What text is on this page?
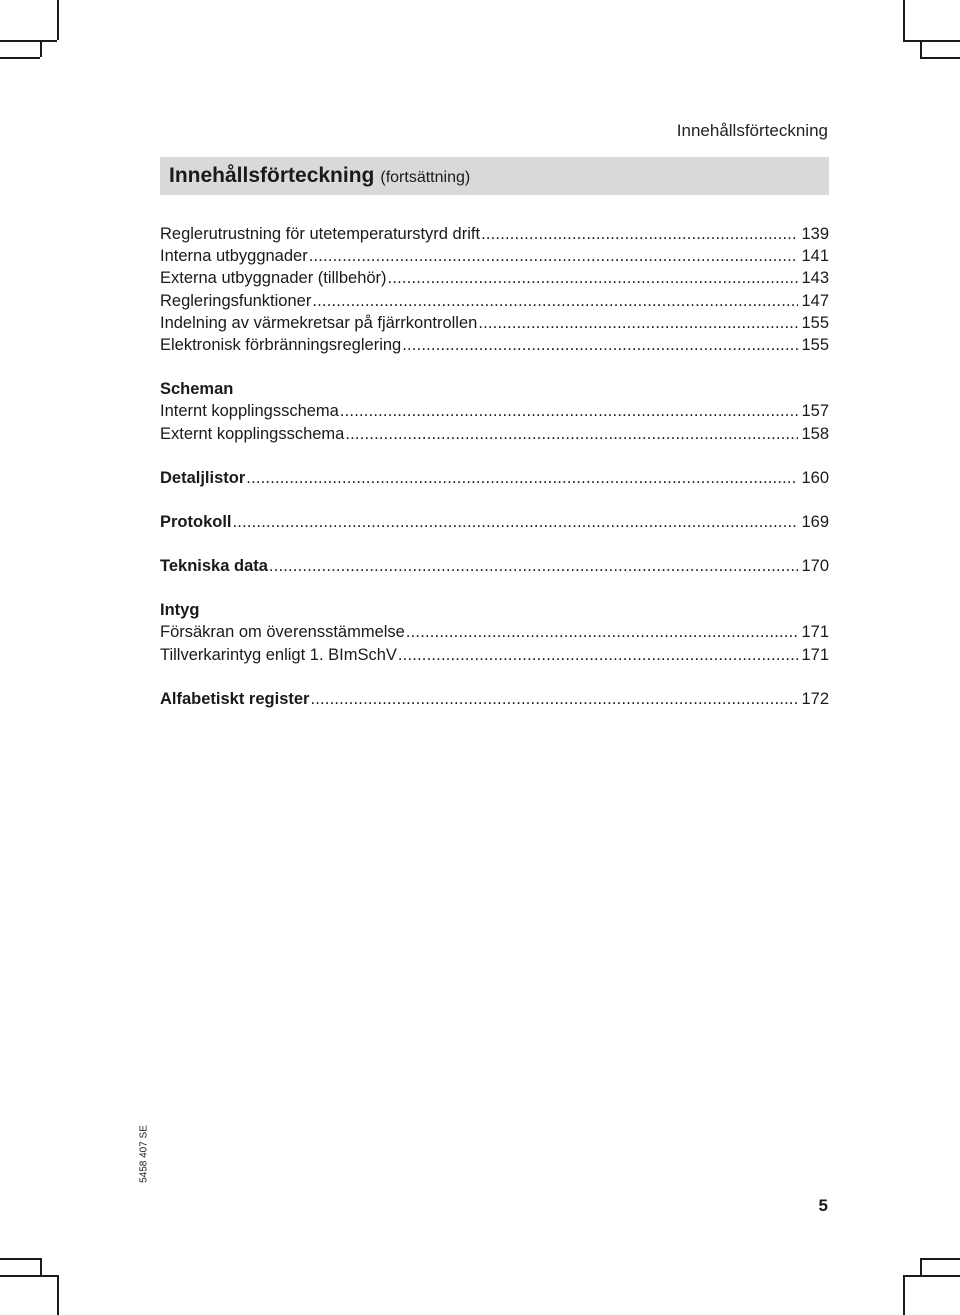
Innehållsförteckning
Innehållsförteckning (fortsättning)
Reglerutrustning för utetemperaturstyrd drift .....	139
Interna utbyggnader .....	141
Externa utbyggnader (tillbehör) .....	143
Regleringsfunktioner .....	147
Indelning av värmekretsar på fjärrkontrollen .....	155
Elektronisk förbränningsreglering .....	155
Scheman
Internt kopplingsschema .....	157
Externt kopplingsschema .....	158
Detaljlistor .....	160
Protokoll .....	169
Tekniska data .....	170
Intyg
Försäkran om överensstämmelse .....	171
Tillverkarintyg enligt 1. BImSchV .....	171
Alfabetiskt register .....	172
5458 407 SE
5
